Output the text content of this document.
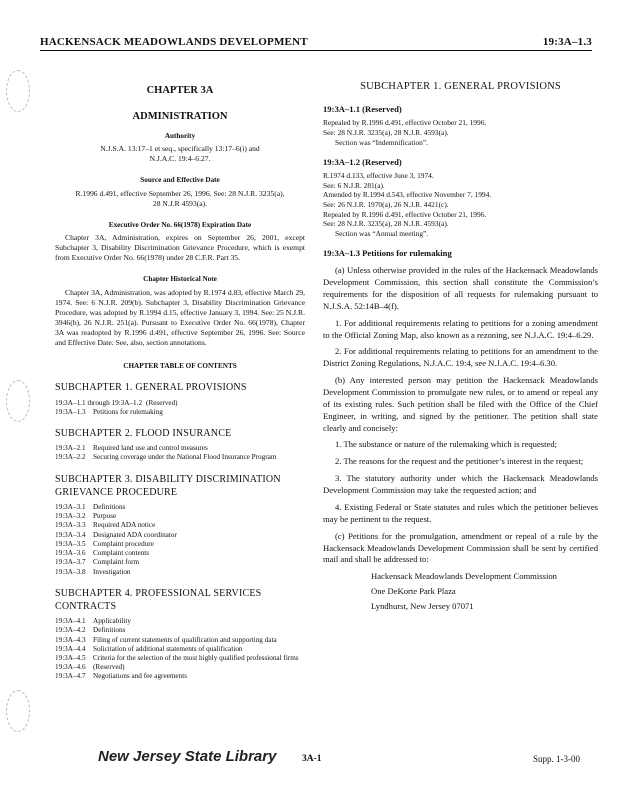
HACKENSACK MEADOWLANDS DEVELOPMENT	19:3A–1.3
CHAPTER 3A
ADMINISTRATION
Authority
N.J.S.A. 13:17–1 et seq., specifically 13:17–6(i) and N.J.A.C. 19:4–6.27.
Source and Effective Date
R.1996 d.491, effective September 26, 1996. See: 28 N.J.R. 3235(a), 28 N.J.R 4593(a).
Executive Order No. 66(1978) Expiration Date

Chapter 3A, Administration, expires on September 26, 2001, except Subchapter 3, Disability Discrimination Grievance Procedure, which is exempt from Executive Order No. 66(1978) under 28 C.F.R. Part 35.

Chapter Historical Note

Chapter 3A, Administration, was adopted by R.1974 d.83, effective March 29, 1974. See: 6 N.J.R. 209(b). Subchapter 3, Disability Discrimination Grievance Procedure, was adopted by R.1994 d.15, effective January 3, 1994. See: 25 N.J.R. 3946(b), 26 N.J.R. 251(a). Pursuant to Executive Order No. 66(1978), Chapter 3A was readopted by R.1996 d.491, effective September 26, 1996. See: Source and Effective Date. See, also, section annotations.

CHAPTER TABLE OF CONTENTS
SUBCHAPTER 1. GENERAL PROVISIONS
19:3A–1.1 through 19:3A–1.2 (Reserved)
19:3A–1.3	Petitions for rulemaking
SUBCHAPTER 2. FLOOD INSURANCE
19:3A–2.1	Required land use and control measures
19:3A–2.2	Securing coverage under the National Flood Insurance Program
SUBCHAPTER 3. DISABILITY DISCRIMINATION GRIEVANCE PROCEDURE
19:3A–3.1	Definitions
19:3A–3.2	Purpose
19:3A–3.3	Required ADA notice
19:3A–3.4	Designated ADA coordinator
19:3A–3.5	Complaint procedure
19:3A–3.6	Complaint contents
19:3A–3.7	Complaint form
19:3A–3.8	Investigation
SUBCHAPTER 4. PROFESSIONAL SERVICES CONTRACTS
19:3A–4.1	Applicability
19:3A–4.2	Definitions
19:3A–4.3	Filing of current statements of qualification and supporting data
19:3A–4.4	Solicitation of additional statements of qualification
19:3A–4.5	Criteria for the selection of the most highly qualified professional firms
19:3A–4.6	(Reserved)
19:3A–4.7	Negotiations and fee agreements
SUBCHAPTER 1. GENERAL PROVISIONS
19:3A–1.1 (Reserved)
Repealed by R.1996 d.491, effective October 21, 1996.
See: 28 N.J.R. 3235(a), 28 N.J.R. 4593(a).
Section was “Indemnification”.
19:3A–1.2 (Reserved)
R.1974 d.133, effective June 3, 1974.
See: 6 N.J.R. 281(a).
Amended by R.1994 d.543, effective November 7, 1994.
See: 26 N.J.R. 1970(a), 26 N.J.R. 4421(c).
Repealed by R.1996 d.491, effective October 21, 1996.
See: 28 N.J.R. 3235(a), 28 N.J.R. 4593(a).
Section was “Annual meeting”.
19:3A–1.3 Petitions for rulemaking

(a) Unless otherwise provided in the rules of the Hackensack Meadowlands Development Commission, this section shall constitute the Commission’s requirements for the disposition of all requests for rulemaking pursuant to N.J.S.A. 52:14B–4(f).

1. For additional requirements relating to petitions for a zoning amendment to the Official Zoning Map, also known as a rezoning, see N.J.A.C. 19:4–6.29.

2. For additional requirements relating to petitions for an amendment to the District Zoning Regulations, N.J.A.C. 19:4, see N.J.A.C. 19:4–6.30.

(b) Any interested person may petition the Hackensack Meadowlands Development Commission to promulgate new rules, or to amend or repeal any of its existing rules. Such petition shall be filed with the Office of the Chief Engineer, in writing, and signed by the petitioner. The petition shall state clearly and concisely:

1. The substance or nature of the rulemaking which is requested;

2. The reasons for the request and the petitioner’s interest in the request;

3. The statutory authority under which the Hackensack Meadowlands Development Commission may take the requested action; and

4. Existing Federal or State statutes and rules which the petitioner believes may be pertinent to the request.

(c) Petitions for the promulgation, amendment or repeal of a rule by the Hackensack Meadowlands Development Commission shall be sent by certified mail and shall be addressed to:

Hackensack Meadowlands Development Commission
One DeKorte Park Plaza
Lyndhurst, New Jersey 07071
New Jersey State Library	3A-1	Supp. 1-3-00
